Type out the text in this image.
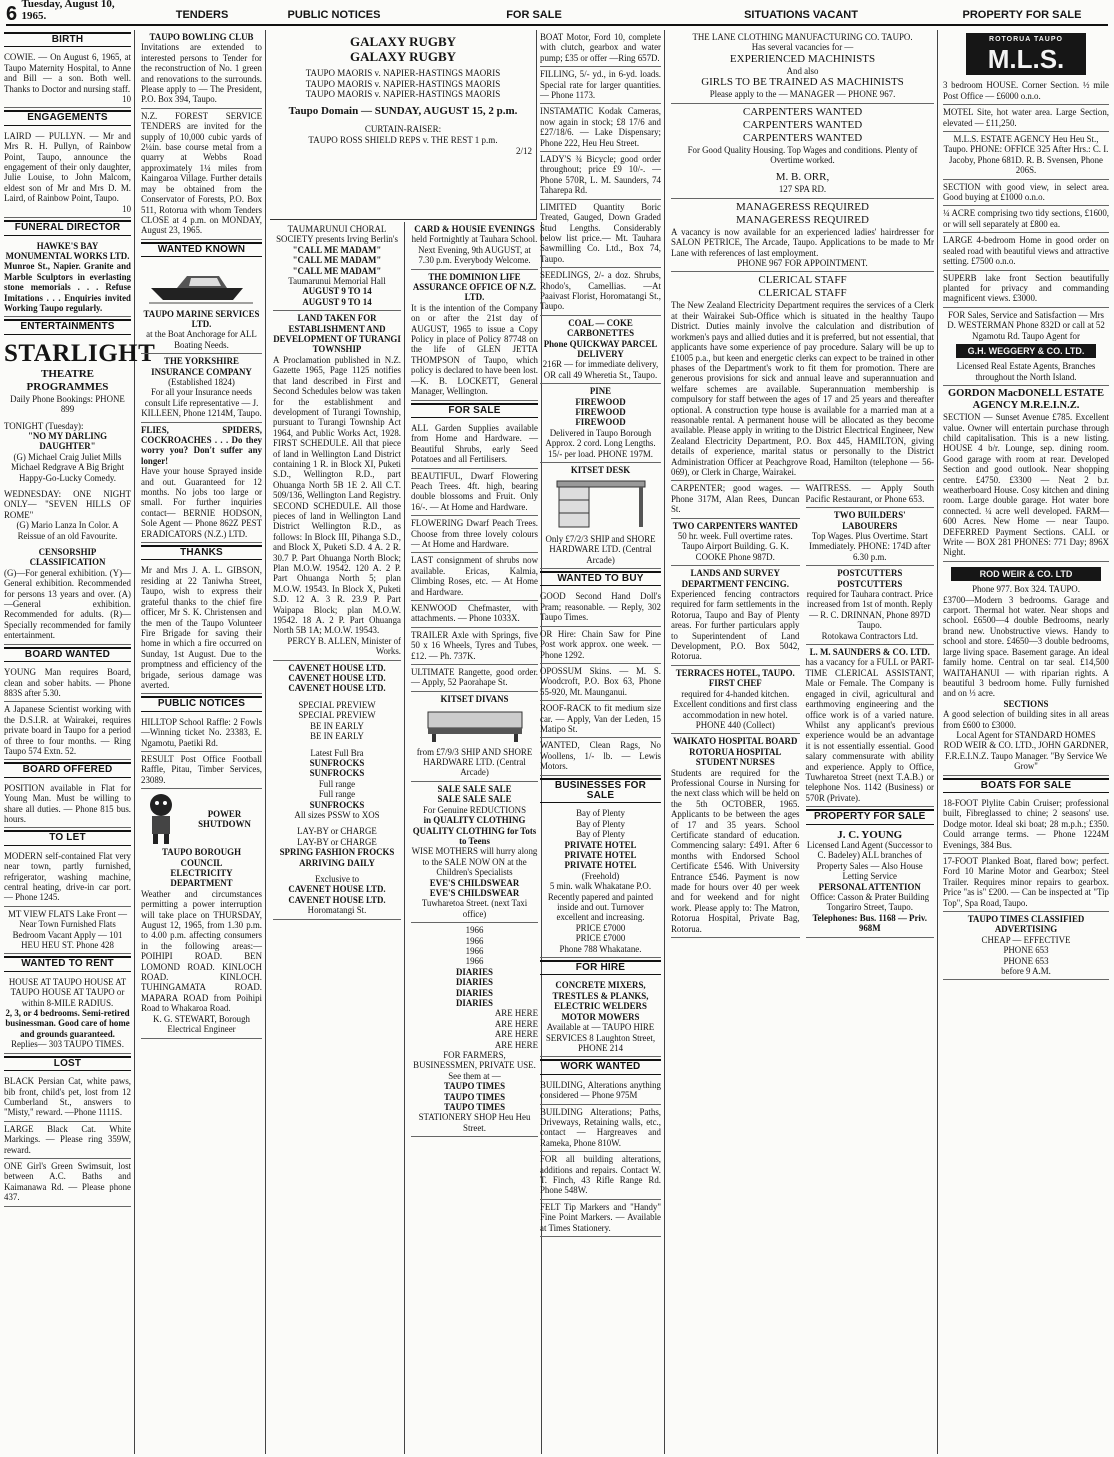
6 Tuesday, August 10, 1965.	TENDERS	PUBLIC NOTICES	FOR SALE	SITUATIONS VACANT	PROPERTY FOR SALE
BIRTH

COWIE. — On August 6, 1965, at Taupo Maternity Hospital, to Anne and Bill — a son. Both well. Thanks to Doctor and nursing staff.

10

ENGAGEMENTS

LAIRD — PULLYN. — Mr and Mrs R. H. Pullyn, of Rainbow Point, Taupo, announce the engagement of their only daughter, Julie Louise, to John Malcom, eldest son of Mr and Mrs D. M. Laird, of Rainbow Point, Taupo.

10

FUNERAL DIRECTOR

HAWKE'S BAY MONUMENTAL WORKS LTD.

Munroe St., Napier. Granite and Marble Sculptors in everlasting stone memorials . . . Refuse Imitations . . . Enquiries invited Working Taupo regularly.

ENTERTAINMENTS

STARLIGHT

THEATRE PROGRAMMES

Daily Phone Bookings: PHONE 899

TONIGHT (Tuesday):

"NO MY DARLING DAUGHTER"

(G) Michael Craig Juliet Mills Michael Redgrave A Big Bright Happy-Go-Lucky Comedy.

WEDNESDAY: ONE NIGHT ONLY— "SEVEN HILLS OF ROME"

(G) Mario Lanza In Color. A Reissue of an old Favourite.

CENSORSHIP CLASSIFICATION

(G)—For general exhibition. (Y)—General exhibition. Recommended for persons 13 years and over. (A)—General exhibition. Recommended for adults. (R)—Specially recommended for family entertainment.

BOARD WANTED
YOUNG Man requires Board, clean and sober habits. — Phone 883S after 5.30.
A Japanese Scientist working with the D.S.I.R. at Wairakei, requires private board in Taupo for a period of three to four months. — Ring Taupo 574 Extn. 52.
BOARD OFFERED
POSITION available in Flat for Young Man. Must be willing to share all duties. — Phone 815 bus. hours.
TO LET
MODERN self-contained Flat very near town, partly furnished, refrigerator, washing machine, central heating, drive-in car port. — Phone 1245.
MT VIEW FLATS Lake Front — Near Town Furnished Flats Bedroom Vacant Apply — 101 HEU HEU ST. Phone 428
WANTED TO RENT

HOUSE AT TAUPO HOUSE AT TAUPO HOUSE AT TAUPO or within 8-MILE RADIUS.

2, 3, or 4 bedrooms. Semi-retired businessman. Good care of home and grounds guaranteed.

Replies— 303 TAUPO TIMES.

LOST
BLACK Persian Cat, white paws, bib front, child's pet, lost from 12 Cumberland St., answers to "Misty," reward. —Phone 1111S.
LARGE Black Cat. White Markings. — Please ring 359W, reward.
ONE Girl's Green Swimsuit, lost between A.C. Baths and Kaimanawa Rd. — Please phone 437.

TAUPO BOWLING CLUB

Invitations are extended to interested persons to Tender for the reconstruction of No. 1 green and renovations to the surrounds. Please apply to — The President, P.O. Box 394, Taupo.

N.Z. FOREST SERVICE TENDERS are invited for the supply of 10,000 cubic yards of 2¼in. base course metal from a quarry at Webbs Road approximately 1¼ miles from Kaingaroa Village. Further details may be obtained from the Conservator of Forests, P.O. Box 511, Rotorua with whom Tenders CLOSE at 4 p.m. on MONDAY, August 23, 1965.
WANTED KNOWN

TAUPO MARINE SERVICES LTD.

at the Boat Anchorage for ALL Boating Needs.

THE YORKSHIRE INSURANCE COMPANY

(Established 1824)

For all your Insurance needs consult Life representative — J. KILLEEN, Phone 1214M, Taupo.

FLIES, SPIDERS, COCKROACHES . . . Do they worry you? Don't suffer any longer!

Have your house Sprayed inside and out. Guaranteed for 12 months. No jobs too large or small. For further inquiries contact— BERNIE HODSON, Sole Agent — Phone 862Z PEST ERADICATORS (N.Z.) LTD.

THANKS
Mr and Mrs J. A. L. GIBSON, residing at 22 Taniwha Street, Taupo, wish to express their grateful thanks to the chief fire officer, Mr S. K. Christensen and the men of the Taupo Volunteer Fire Brigade for saving their home in which a fire occurred on Sunday, 1st August. Due to the promptness and efficiency of the brigade, serious damage was averted.
PUBLIC NOTICES
HILLTOP School Raffle: 2 Fowls—Winning ticket No. 23383, E. Ngamotu, Paetiki Rd.
RESULT Post Office Football Raffle, Pitau, Timber Services, 23089.

POWER SHUTDOWN

TAUPO BOROUGH COUNCIL

ELECTRICITY DEPARTMENT

Weather and circumstances permitting a power interruption will take place on THURSDAY, August 12, 1965, from 1.30 p.m. to 4.00 p.m. affecting consumers in the following areas:— POIHIPI ROAD. BEN LOMOND ROAD. KINLOCH ROAD. KINLOCH. TUHINGAMATA ROAD. MAPARA ROAD from Poihipi Road to Whakaroa Road.

K. G. STEWART, Borough Electrical Engineer

GALAXY RUGBY

GALAXY RUGBY

TAUPO MAORIS v. NAPIER-HASTINGS MAORIS

TAUPO MAORIS v. NAPIER-HASTINGS MAORIS

TAUPO MAORIS v. NAPIER-HASTINGS MAORIS

Taupo Domain — SUNDAY, AUGUST 15, 2 p.m.

CURTAIN-RAISER:

TAUPO ROSS SHIELD REPS v. THE REST 1 p.m.

2/12

TAUMARUNUI CHORAL SOCIETY presents Irving Berlin's

"CALL ME MADAM"

"CALL ME MADAM"

"CALL ME MADAM"

Taumarunui Memorial Hall

AUGUST 9 TO 14

AUGUST 9 TO 14

LAND TAKEN FOR ESTABLISHMENT AND DEVELOPMENT OF TURANGI TOWNSHIP

A Proclamation published in N.Z. Gazette 1965, Page 1125 notifies that land described in First and Second Schedules below was taken for the establishment and development of Turangi Township, pursuant to Turangi Township Act 1964, and Public Works Act, 1928. FIRST SCHEDULE. All that piece of land in Wellington Land District containing 1 R. in Block XI, Puketi S.D., Wellington R.D., part Ohuanga North 5B 1E 2. All C.T. 509/136, Wellington Land Registry. SECOND SCHEDULE. All those pieces of land in Wellington Land District Wellington R.D., as follows: In Block III, Pihanga S.D., and Block X, Puketi S.D. 4 A. 2 R. 30.7 P. Part Ohuanga North Block; Plan M.O.W. 19542. 120 A. 2 P. Part Ohuanga North 5; plan M.O.W. 19543. In Block X, Puketi S.D. 12 A. 3 R. 23.9 P. Part Waipapa Block; plan M.O.W. 19542. 18 A. 2 P. Part Ohuanga North 5B 1A; M.O.W. 19543.

PERCY B. ALLEN, Minister of Works.

CAVENET HOUSE LTD.

CAVENET HOUSE LTD.

CAVENET HOUSE LTD.

SPECIAL PREVIEW

SPECIAL PREVIEW

BE IN EARLY

BE IN EARLY

Latest Full Bra

SUNFROCKS

SUNFROCKS

Full range

Full range

SUNFROCKS

All sizes PSSW to XOS

LAY-BY or CHARGE

LAY-BY or CHARGE

SPRING FASHION FROCKS ARRIVING DAILY

Exclusive to

CAVENET HOUSE LTD.

CAVENET HOUSE LTD.

Horomatangi St.

CARD & HOUSIE EVENINGS

held Fortnightly at Tauhara School. Next Evening, 9th AUGUST, at 7.30 p.m. Everybody Welcome.

THE DOMINION LIFE ASSURANCE OFFICE OF N.Z. LTD.

It is the intention of the Company on or after the 21st day of AUGUST, 1965 to issue a Copy Policy in place of Policy 87748 on the life of GLEN JETTA THOMPSON of Taupo, which policy is declared to have been lost. —K. B. LOCKETT, General Manager, Wellington.

FOR SALE
ALL Garden Supplies available from Home and Hardware. — Beautiful Shrubs, early Seed Potatoes and all Fertilisers.
BEAUTIFUL, Dwarf Flowering Peach Trees. 4ft. high, bearing double blossoms and Fruit. Only 16/-. — At Home and Hardware.
FLOWERING Dwarf Peach Trees. Choose from three lovely colours — At Home and Hardware.
LAST consignment of shrubs now available. Ericas, Kalmia, Climbing Roses, etc. — At Home and Hardware.
KENWOOD Chefmaster, with attachments. — Phone 1033X.
TRAILER Axle with Springs, five 50 x 16 Wheels, Tyres and Tubes, £12. — Ph. 737K.
ULTIMATE Rangette, good order. — Apply, 52 Paorahape St.

KITSET DIVANS

from £7/9/3 SHIP AND SHORE HARDWARE LTD. (Central Arcade)

SALE SALE SALE

SALE SALE SALE

For Genuine REDUCTIONS

in QUALITY CLOTHING QUALITY CLOTHING for Tots to Teens

WISE MOTHERS will hurry along to the SALE NOW ON at the Children's Specialists

EVE'S CHILDSWEAR

EVE'S CHILDSWEAR

Tuwharetoa Street. (next Taxi office)

1966

1966

1966

1966

DIARIES

DIARIES

DIARIES

DIARIES

ARE HERE

ARE HERE

ARE HERE

ARE HERE

FOR FARMERS, BUSINESSMEN, PRIVATE USE.

See them at —

TAUPO TIMES

TAUPO TIMES

TAUPO TIMES

STATIONERY SHOP Heu Heu Street.

BOAT Motor, Ford 10, complete with clutch, gearbox and water pump; £35 or offer —Ring 657D.
FILLING, 5/- yd., in 6-yd. loads. Special rate for larger quantities. — Phone 1173.
INSTAMATIC Kodak Cameras, now again in stock; £8 17/6 and £27/18/6. — Lake Dispensary; Phone 222, Heu Heu Street.
LADY'S ¾ Bicycle; good order throughout; price £9 10/-. — Phone 570R, L. M. Saunders, 74 Taharepa Rd.
LIMITED Quantity Boric Treated, Gauged, Down Graded Stud Lengths. Considerably below list price.— Mt. Tauhara Sawmilling Co. Ltd., Box 74, Taupo.
SEEDLINGS, 2/- a doz. Shrubs, Rhodo's, Camellias. —At Paaivast Florist, Horomatangi St., Taupo.

COAL — COKE CARBONETTES

Phone QUICKWAY PARCEL DELIVERY

216R — for immediate delivery, OR call 49 Wheretia St., Taupo.

PINE

FIREWOOD

FIREWOOD

FIREWOOD

Delivered in Taupo Borough Approx. 2 cord. Long Lengths. 15/- per load. PHONE 197M.

KITSET DESK

Only £7/2/3 SHIP and SHORE HARDWARE LTD. (Central Arcade)

WANTED TO BUY
GOOD Second Hand Doll's Pram; reasonable. — Reply, 302 Taupo Times.
OR Hire: Chain Saw for Pine Post work approx. one week. — Phone 1292.
OPOSSUM Skins. — M. S. Woodcroft, P.O. Box 63, Phone 55-920, Mt. Maunganui.
ROOF-RACK to fit medium size car. — Apply, Van der Leden, 15 Matipo St.
WANTED, Clean Rags, No Woollens, 1/- lb. — Lewis Motors.
BUSINESSES FOR SALE

Bay of Plenty

Bay of Plenty

Bay of Plenty

PRIVATE HOTEL

PRIVATE HOTEL

PRIVATE HOTEL

(Freehold)

5 min. walk Whakatane P.O. Recently papered and painted inside and out. Turnover excellent and increasing.

PRICE £7000

PRICE £7000

Phone 788 Whakatane.

FOR HIRE

CONCRETE MIXERS, TRESTLES & PLANKS, ELECTRIC WELDERS MOTOR MOWERS

Available at — TAUPO HIRE SERVICES 8 Laughton Street, PHONE 214

WORK WANTED
BUILDING, Alterations anything considered — Phone 975M
BUILDING Alterations; Paths, Driveways, Retaining walls, etc., contact — Hargreaves and Rameka, Phone 810W.
FOR all building alterations, additions and repairs. Contact W. T. Finch, 43 Rifle Range Rd. Phone 548W.
FELT Tip Markers and "Handy" Fine Point Markers. — Available at Times Stationery.

THE LANE CLOTHING MANUFACTURING CO. TAUPO.

Has several vacancies for —

EXPERIENCED MACHINISTS

And also

GIRLS TO BE TRAINED AS MACHINISTS

Please apply to the — MANAGER — PHONE 967.

CARPENTERS WANTED

CARPENTERS WANTED

CARPENTERS WANTED

For Good Quality Housing. Top Wages and conditions. Plenty of Overtime worked.

M. B. ORR,

127 SPA RD.

MANAGERESS REQUIRED

MANAGERESS REQUIRED

A vacancy is now available for an experienced ladies' hairdresser for SALON PETRICE, The Arcade, Taupo. Applications to be made to Mr Lane with references of last employment.

PHONE 967 FOR APPOINTMENT.

CLERICAL STAFF

CLERICAL STAFF

The New Zealand Electricity Department requires the services of a Clerk at their Wairakei Sub-Office which is situated in the healthy Taupo District. Duties mainly involve the calculation and distribution of workmen's pays and allied duties and it is preferred, but not essential, that applicants have some experience of pay procedure. Salary will be up to £1005 p.a., but keen and energetic clerks can expect to be trained in other phases of the Department's work to fit them for promotion. There are generous provisions for sick and annual leave and superannuation and welfare schemes are available. Superannuation membership is compulsory for staff between the ages of 17 and 25 years and thereafter optional. A construction type house is available for a married man at a reasonable rental. A permanent house will be allocated as they become available. Please apply in writing to the District Electrical Engineer, New Zealand Electricity Department, P.O. Box 445, HAMILTON, giving details of experience, marital status or personally to the District Administration Officer at Peachgrove Road, Hamilton (telephone — 56-069), or Clerk in Charge, Wairakei.

CARPENTER; good wages. — Phone 317M, Alan Rees, Duncan St.

TWO CARPENTERS WANTED

50 hr. week. Full overtime rates. Taupo Airport Building. G. K. COOKE Phone 987D.

LANDS AND SURVEY DEPARTMENT FENCING.

Experienced fencing contractors required for farm settlements in the Rotorua, Taupo and Bay of Plenty areas. For further particulars apply to Superintendent of Land Development, P.O. Box 5042, Rotorua.

TERRACES HOTEL, TAUPO.

FIRST CHEF

required for 4-handed kitchen. Excellent conditions and first class accommodation in new hotel. PHONE 440 (Collect)

WAIKATO HOSPITAL BOARD

ROTORUA HOSPITAL

STUDENT NURSES

Students are required for the Professional Course in Nursing for the next class which will be held on the 5th OCTOBER, 1965. Applicants to be between the ages of 17 and 35 years. School Certificate standard of education. Commencing salary: £491. After 6 months with Endorsed School Certificate £546. With University Entrance £546. Payment is now made for hours over 40 per week and for weekend and for night work. Please apply to: The Matron, Rotorua Hospital, Private Bag, Rotorua.

WAITRESS. — Apply South Pacific Restaurant, or Phone 653.

TWO BUILDERS' LABOURERS

Top Wages. Plus Overtime. Start Immediately. PHONE: 174D after 6.30 p.m.

POSTCUTTERS

POSTCUTTERS

required for Tauhara contract. Price increased from 1st of month. Reply— R. C. DRINNAN, Phone 897D Taupo.

Rotokawa Contractors Ltd.

L. M. SAUNDERS & CO. LTD.

has a vacancy for a FULL or PART-TIME CLERICAL ASSISTANT, Male or Female. The Company is engaged in civil, agricultural and earthmoving engineering and the office work is of a varied nature. Whilst any applicant's previous experience would be an advantage it is not essentially essential. Good salary commensurate with ability and experience. Apply to Office, Tuwharetoa Street (next T.A.B.) or telephone Nos. 1142 (Business) or 570R (Private).

PROPERTY FOR SALE

J. C. YOUNG

Licensed Land Agent (Successor to C. Badeley) ALL branches of Property Sales — Also House Letting Service

PERSONAL ATTENTION

Office: Casson & Prater Building Tongariro Street, Taupo.

Telephones: Bus. 1168 — Priv. 968M

ROTORUA TAUPO
M.L.S.
3 bedroom HOUSE. Corner Section. ½ mile Post Office — £6000 o.n.o.
MOTEL Site, hot water area. Large Section, elevated — £11,250.
M.L.S. ESTATE AGENCY Heu Heu St., Taupo. PHONE: OFFICE 325 After Hrs.: C. I. Jacoby, Phone 681D. R. B. Svensen, Phone 206S.
SECTION with good view, in select area. Good buying at £1000 o.n.o.
¼ ACRE comprising two tidy sections, £1600, or will sell separately at £800 ea.
LARGE 4-bedroom Home in good order on sealed road with beautiful views and attractive setting. £7500 o.n.o.
SUPERB lake front Section beautifully planted for privacy and commanding magnificent views. £3000.

FOR Sales, Service and Satisfaction — Mrs D. WESTERMAN Phone 832D or call at 52 Ngamotu Rd. Taupo Agent for

G.H. WEGGERY & CO. LTD.

Licensed Real Estate Agents, Branches throughout the North Island.

GORDON MacDONELL ESTATE AGENCY M.R.E.I.N.Z.

SECTION — Sunset Avenue £785. Excellent value. Owner will entertain purchase through child capitalisation. This is a new listing. HOUSE 4 b/r. Lounge, sep. dining room. Good garage with room at rear. Developed Section and good outlook. Near shopping centre. £4750. £3300 — Neat 2 b.r. weatherboard House. Cosy kitchen and dining room. Large double garage. Hot water bore connected. ¼ acre well developed. FARM—600 Acres. New Home — near Taupo. DEFERRED Payment Sections. CALL or Write — BOX 281 PHONES: 771 Day; 896X Night.

ROD WEIR & CO. LTD

Phone 977. Box 324. TAUPO.

£3700—Modern 3 bedrooms. Garage and carport. Thermal hot water. Near shops and school. £6500—4 double Bedrooms, nearly brand new. Unobstructive views. Handy to school and store. £4650—3 double bedrooms, large living space. Basement garage. An ideal family home. Central on tar seal. £14,500 WAITAHANUI — with riparian rights. A beautiful 3 bedroom home. Fully furnished and on ⅓ acre.

SECTIONS

A good selection of building sites in all areas from £600 to £3000.

Local Agent for STANDARD HOMES

ROD WEIR & CO. LTD., JOHN GARDNER, F.R.E.I.N.Z. Taupo Manager. "By Service We Grow"

BOATS FOR SALE
18-FOOT Plylite Cabin Cruiser; professional built, Fibreglassed to chine; 2 seasons' use. Dodge motor. Ideal ski boat; 28 m.p.h.; £350. Could arrange terms. — Phone 1224M Evenings, 384 Bus.
17-FOOT Planked Boat, flared bow; perfect. Ford 10 Marine Motor and Gearbox; Steel Trailer. Requires minor repairs to gearbox. Price "as is" £200. — Can be inspected at "Tip Top", Spa Road, Taupo.

TAUPO TIMES CLASSIFIED ADVERTISING

CHEAP — EFFECTIVE

PHONE 653

PHONE 653

before 9 A.M.
